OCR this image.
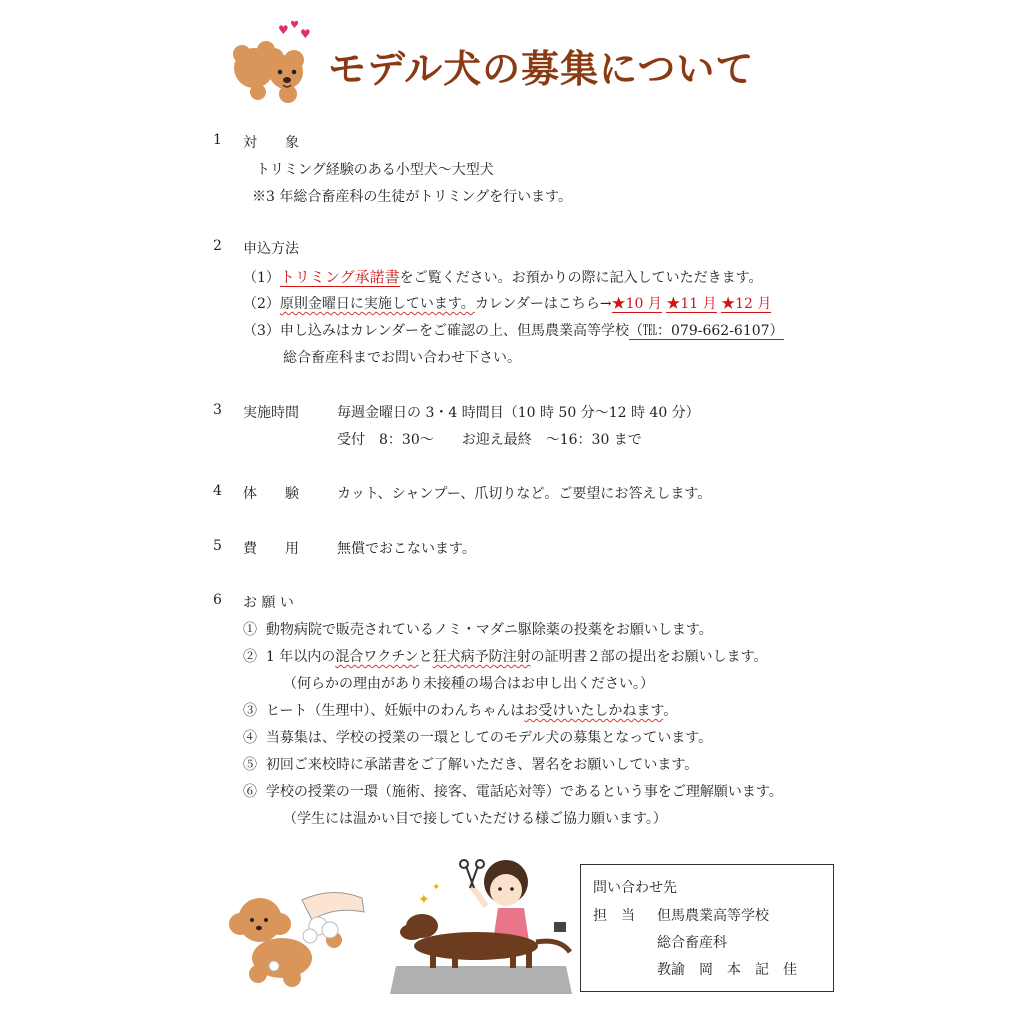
♥ ♥
♥
モデル犬の募集について
1 対　　象
トリミング経験のある小型犬～大型犬
※3 年総合畜産科の生徒がトリミングを行います。
2 申込方法
（1）トリミング承諾書をご覧ください。お預かりの際に記入していただきます。
（2）原則金曜日に実施しています。カレンダーはこちら→★10 月 ★11 月 ★12 月
（3）申し込みはカレンダーをご確認の上、但馬農業高等学校（℡：079-662-6107）
総合畜産科までお問い合わせ下さい。
3 実施時間	毎週金曜日の 3・4 時間目（10 時 50 分～12 時 40 分）
受付　8：30～　　お迎え最終　～16：30 まで
4 体　　験	カット、シャンプー、爪切りなど。ご要望にお答えします。
5 費　　用	無償でおこないます。
6 お 願 い
① 動物病院で販売されているノミ・マダニ駆除薬の投薬をお願いします。
② 1 年以内の混合ワクチンと狂犬病予防注射の証明書２部の提出をお願いします。
（何らかの理由があり未接種の場合はお申し出ください。）
③ ヒート（生理中）、妊娠中のわんちゃんはお受けいたしかねます。
④ 当募集は、学校の授業の一環としてのモデル犬の募集となっています。
⑤ 初回ご来校時に承諾書をご了解いただき、署名をお願いしています。
⑥ 学校の授業の一環（施術、接客、電話応対等）であるという事をご理解願います。
（学生には温かい目で接していただける様ご協力願います。）
✦
✦	問い合わせ先
担　当 但馬農業高等学校
総合畜産科
教諭　岡　本　記　佳
